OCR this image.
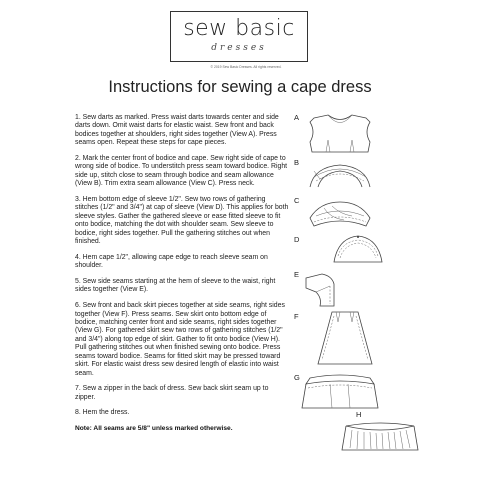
sew basic
dresses
© 2019 Sew Basic Dresses. All rights reserved.
Instructions for sewing a cape dress

1. Sew darts as marked. Press waist darts towards center and side darts down. Omit waist darts for elastic waist. Sew front and back bodices together at shoulders, right sides together (View A). Press seams open. Repeat these steps for cape pieces.

2. Mark the center front of bodice and cape. Sew right side of cape to wrong side of bodice. To understitch press seam toward bodice. Right side up, stitch close to seam through bodice and seam allowance (View B). Trim extra seam allowance (View C). Press neck.

3. Hem bottom edge of sleeve 1/2". Sew two rows of gathering stitches (1/2" and 3/4") at cap of sleeve (View D). This applies for both sleeve styles. Gather the gathered sleeve or ease fitted sleeve to fit onto bodice, matching the dot with shoulder seam. Sew sleeve to bodice, right sides together. Pull the gathering stitches out when finished.

4. Hem cape 1/2", allowing cape edge to reach sleeve seam on shoulder.

5. Sew side seams starting at the hem of sleeve to the waist, right sides together (View E).

6. Sew front and back skirt pieces together at side seams, right sides together (View F). Press seams. Sew skirt onto bottom edge of bodice, matching center front and side seams, right sides together (View G). For gathered skirt sew two rows of gathering stitches (1/2" and 3/4") along top edge of skirt. Gather to fit onto bodice (View H). Pull gathering stitches out when finished sewing onto bodice. Press seams toward bodice. Seams for fitted skirt may be pressed toward skirt. For elastic waist dress sew desired length of elastic into waist seam.

7. Sew a zipper in the back of dress. Sew back skirt seam up to zipper.

8. Hem the dress.

Note: All seams are 5/8" unless marked otherwise.
A
B
C
D
E
F
G
H
